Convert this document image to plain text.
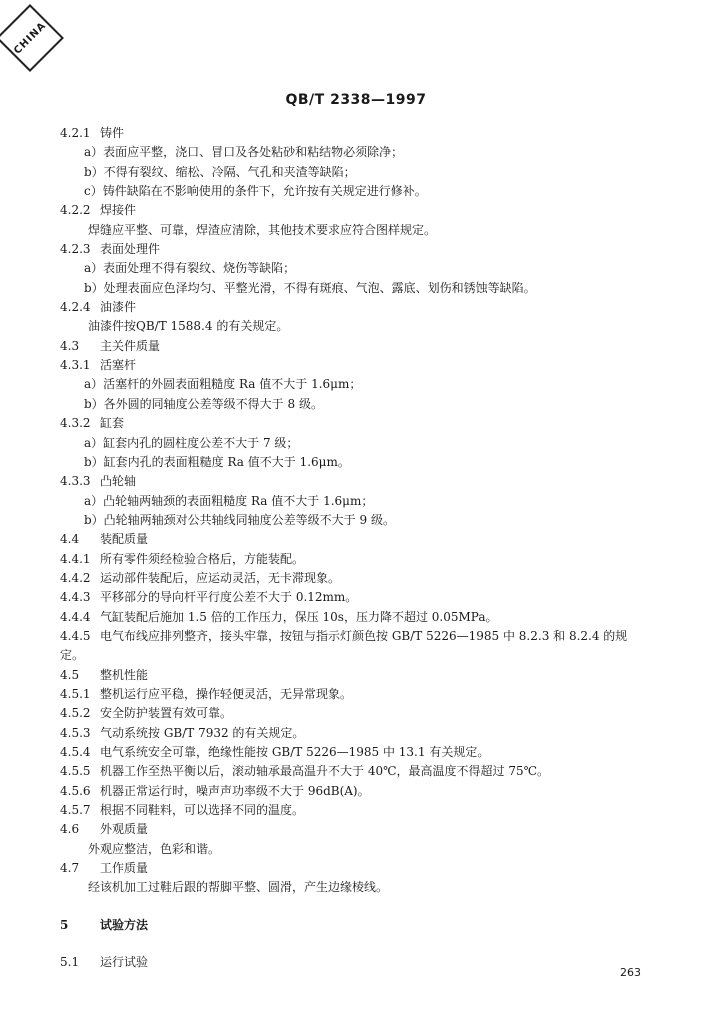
CHINA
QB/T 2338—1997
4.2.1 铸件
a）表面应平整，浇口、冒口及各处粘砂和粘结物必须除净；
b）不得有裂纹、缩松、冷隔、气孔和夹渣等缺陷；
c）铸件缺陷在不影响使用的条件下，允许按有关规定进行修补。
4.2.2 焊接件
焊缝应平整、可靠，焊渣应清除，其他技术要求应符合图样规定。
4.2.3 表面处理件
a）表面处理不得有裂纹、烧伤等缺陷；
b）处理表面应色泽均匀、平整光滑，不得有斑痕、气泡、露底、划伤和锈蚀等缺陷。
4.2.4 油漆件
油漆件按QB/T 1588.4 的有关规定。
4.3 主关件质量
4.3.1 活塞杆
a）活塞杆的外圆表面粗糙度 Ra 值不大于 1.6μm；
b）各外圆的同轴度公差等级不得大于 8 级。
4.3.2 缸套
a）缸套内孔的圆柱度公差不大于 7 级；
b）缸套内孔的表面粗糙度 Ra 值不大于 1.6μm。
4.3.3 凸轮轴
a）凸轮轴两轴颈的表面粗糙度 Ra 值不大于 1.6μm；
b）凸轮轴两轴颈对公共轴线同轴度公差等级不大于 9 级。
4.4 装配质量
4.4.1 所有零件须经检验合格后，方能装配。
4.4.2 运动部件装配后，应运动灵活，无卡滞现象。
4.4.3 平移部分的导向杆平行度公差不大于 0.12mm。
4.4.4 气缸装配后施加 1.5 倍的工作压力，保压 10s，压力降不超过 0.05MPa。
4.4.5 电气布线应排列整齐，接头牢靠，按钮与指示灯颜色按 GB/T 5226—1985 中 8.2.3 和 8.2.4 的规定。
4.5 整机性能
4.5.1 整机运行应平稳，操作轻便灵活，无异常现象。
4.5.2 安全防护装置有效可靠。
4.5.3 气动系统按 GB/T 7932 的有关规定。
4.5.4 电气系统安全可靠，绝缘性能按 GB/T 5226—1985 中 13.1 有关规定。
4.5.5 机器工作至热平衡以后，滚动轴承最高温升不大于 40℃，最高温度不得超过 75℃。
4.5.6 机器正常运行时，噪声声功率级不大于 96dB(A)。
4.5.7 根据不同鞋料，可以选择不同的温度。
4.6 外观质量
外观应整洁，色彩和谐。
4.7 工作质量
经该机加工过鞋后跟的帮脚平整、圆滑，产生边缘棱线。
5	试验方法
5.1 运行试验
263
